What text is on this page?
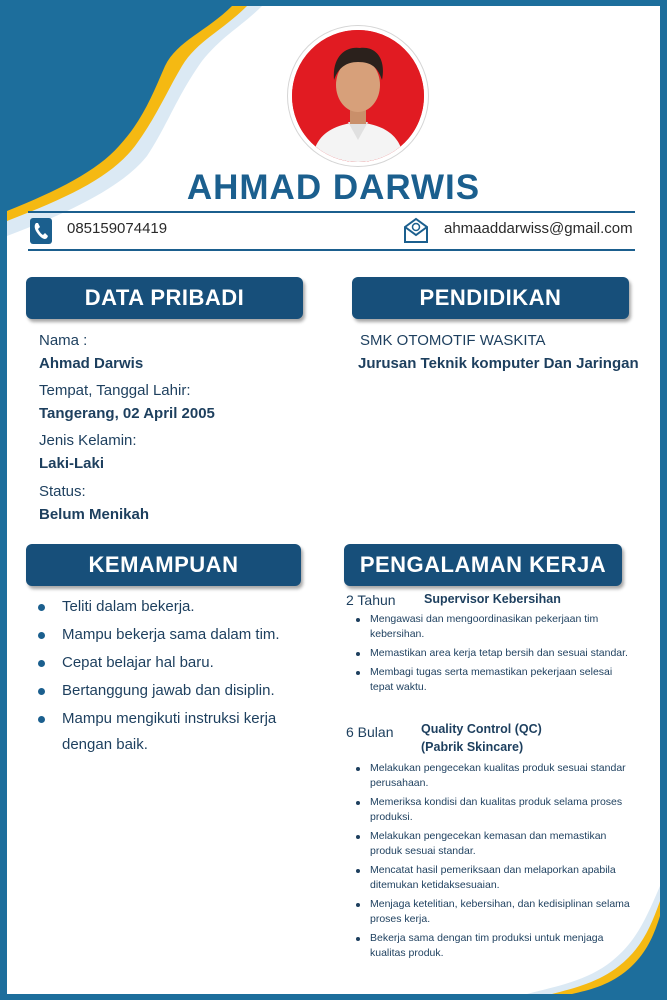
AHMAD DARWIS
085159074419	ahmaaddarwiss@gmail.com
DATA PRIBADI
Nama :
Ahmad Darwis
Tempat, Tanggal Lahir:
Tangerang, 02 April 2005
Jenis Kelamin:
Laki-Laki
Status:
Belum Menikah
PENDIDIKAN
SMK OTOMOTIF WASKITA
Jurusan Teknik komputer Dan Jaringan
KEMAMPUAN
Teliti dalam bekerja.
Mampu bekerja sama dalam tim.
Cepat belajar hal baru.
Bertanggung jawab dan disiplin.
Mampu mengikuti instruksi kerja dengan baik.
PENGALAMAN KERJA
2 Tahun Supervisor Kebersihan
Mengawasi dan mengoordinasikan pekerjaan tim kebersihan.
Memastikan area kerja tetap bersih dan sesuai standar.
Membagi tugas serta memastikan pekerjaan selesai tepat waktu.
6 Bulan Quality Control (QC)
(Pabrik Skincare)
Melakukan pengecekan kualitas produk sesuai standar perusahaan.
Memeriksa kondisi dan kualitas produk selama proses produksi.
Melakukan pengecekan kemasan dan memastikan produk sesuai standar.
Mencatat hasil pemeriksaan dan melaporkan apabila ditemukan ketidaksesuaian.
Menjaga ketelitian, kebersihan, dan kedisiplinan selama proses kerja.
Bekerja sama dengan tim produksi untuk menjaga kualitas produk.
